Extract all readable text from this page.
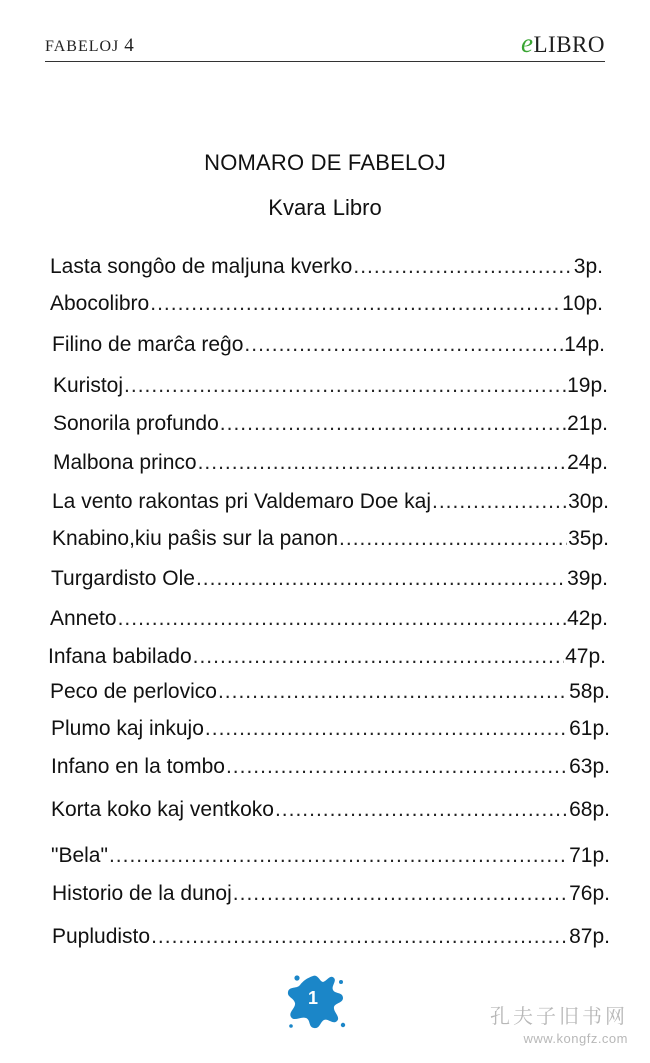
FABELOJ 4	eLIBRO
NOMARO DE FABELOJ
Kvara Libro
Lasta songôo de maljuna kverko .....	3p.
Abocolibro .....	10p.
Filino de marĉa reĝo .....	14p.
Kuristoj .....	19p.
Sonorila profundo .....	21p.
Malbona princo .....	24p.
La vento rakontas pri Valdemaro Doe kaj .....	30p.
Knabino,kiu paŝis sur la panon .....	35p.
Turgardisto Ole .....	39p.
Anneto .....	42p.
Infana babilado .....	47p.
Peco de perlovico .....	58p.
Plumo kaj inkujo .....	61p.
Infano en la tombo .....	63p.
Korta koko kaj ventkoko .....	68p.
"Bela" .....	71p.
Historio de la dunoj .....	76p.
Pupludisto .....	87p.
1
孔夫子旧书网
www.kongfz.com
